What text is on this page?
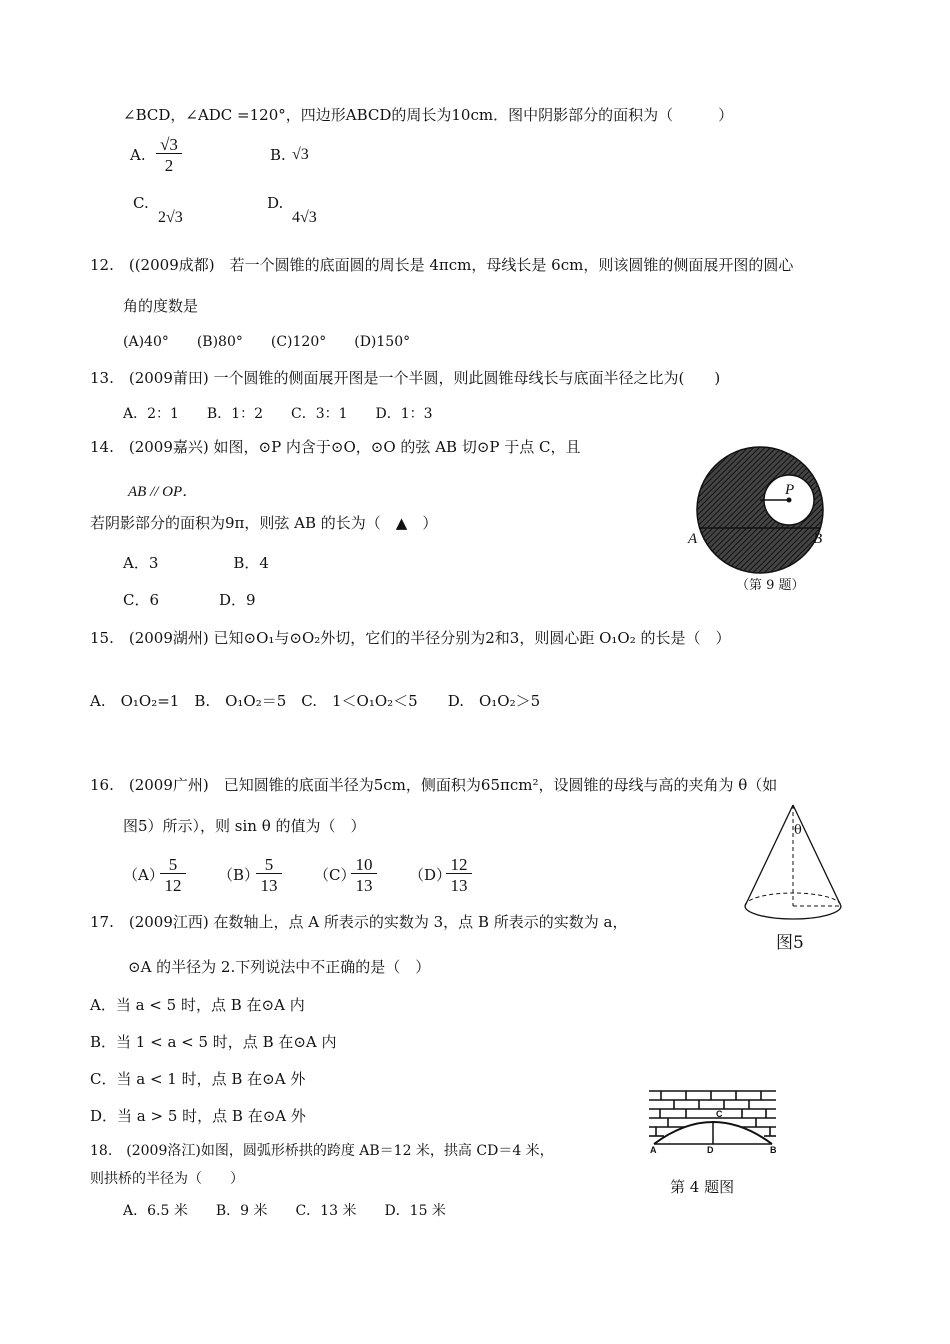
∠BCD，∠ADC =120°，四边形ABCD的周长为10cm．图中阴影部分的面积为（　　　）
A. $\frac{√3}{2}$	B. √3
C.
2√3
D.
4√3
12.　((2009成都)　若一个圆锥的底面圆的周长是 4πcm，母线长是 6cm，则该圆锥的侧面展开图的圆心
角的度数是
(A)40°　　(B)80°　　(C)120°　　(D)150°
13.　(2009莆田) 一个圆锥的侧面展开图是一个半圆，则此圆锥母线长与底面半径之比为(　　)
A．2：1　　B．1：2　　C．3：1　　D．1：3
14.　(2009嘉兴) 如图，⊙P 内含于⊙O，⊙O 的弦 AB 切⊙P 于点 C，且
AB // OP．
若阴影部分的面积为9π，则弦 AB 的长为（　▲　）
A．3　　　　　B．4
C．6　　　　D．9
P
A	B
（第 9 题）
15.　(2009湖州) 已知⊙O₁与⊙O₂外切，它们的半径分别为2和3，则圆心距 O₁O₂ 的长是（　）
A.　O₁O₂=1　B.　O₁O₂＝5　C.　1＜O₁O₂＜5　　D.　O₁O₂＞5
16.　(2009广州)　已知圆锥的底面半径为5cm，侧面积为65πcm²，设圆锥的母线与高的夹角为 θ（如
图5）所示），则 sin θ 的值为（　）
（A）
$\frac{5}{12} (B)$
$\frac{5}{13} (C)$
$\frac{10}{13} (D)$
$\frac{12}{13}$
θ
图5
17.　(2009江西) 在数轴上，点 A 所表示的实数为 3，点 B 所表示的实数为 a，
⊙A 的半径为 2.下列说法中不正确的是（　）
A．当 a < 5 时，点 B 在⊙A 内
B．当 1 < a < 5 时，点 B 在⊙A 内
C．当 a < 1 时，点 B 在⊙A 外
D．当 a > 5 时，点 B 在⊙A 外
18.　(2009洛江)如图，圆弧形桥拱的跨度 AB＝12 米，拱高 CD＝4 米，
则拱桥的半径为（　　）
A．6.5 米　　B．9 米　　C．13 米　　D．15 米
A	D
C
B
第 4 题图
